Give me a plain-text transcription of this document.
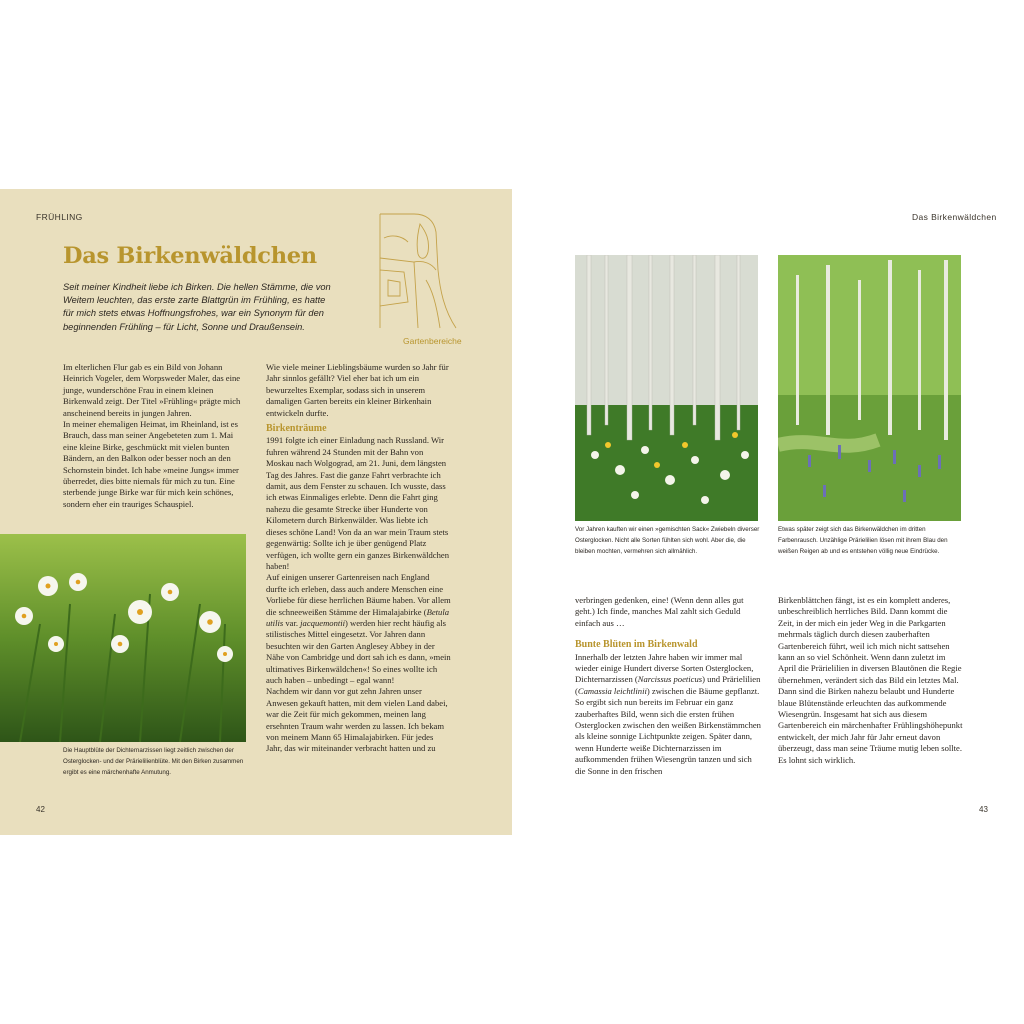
FRÜHLING
Gartenbereiche
Das Birkenwäldchen
Seit meiner Kindheit liebe ich Birken. Die hellen Stämme, die von Weitem leuchten, das erste zarte Blattgrün im Frühling, es hatte für mich stets etwas Hoffnungsfrohes, war ein Synonym für den beginnenden Frühling – für Licht, Sonne und Draußensein.

Im elterlichen Flur gab es ein Bild von Johann Heinrich Vogeler, dem Worpsweder Maler, das eine junge, wunderschöne Frau in einem kleinen Birkenwald zeigt. Der Titel »Frühling« prägte mich anscheinend bereits in jungen Jahren.

In meiner ehemaligen Heimat, im Rheinland, ist es Brauch, dass man seiner Angebeteten zum 1. Mai eine kleine Birke, geschmückt mit vielen bunten Bändern, an den Balkon oder besser noch an den Schornstein bindet. Ich habe »meine Jungs« immer überredet, dies bitte niemals für mich zu tun. Eine sterbende junge Birke war für mich kein schönes, sondern eher ein trauriges Schauspiel.

Wie viele meiner Lieblingsbäume wurden so Jahr für Jahr sinnlos gefällt? Viel eher bat ich um ein bewurzeltes Exemplar, sodass sich in unserem damaligen Garten bereits ein kleiner Birkenhain entwickeln durfte.

Birkenträume

1991 folgte ich einer Einladung nach Russland. Wir fuhren während 24 Stunden mit der Bahn von Moskau nach Wolgograd, am 21. Juni, dem längsten Tag des Jahres. Fast die ganze Fahrt verbrachte ich damit, aus dem Fenster zu schauen. Ich wusste, dass ich etwas Einmaliges erlebte. Denn die Fahrt ging nahezu die gesamte Strecke über Hunderte von Kilometern durch Birkenwälder. Was liebte ich dieses schöne Land! Von da an war mein Traum stets gegenwärtig: Sollte ich je über genügend Platz verfügen, ich wollte gern ein ganzes Birkenwäldchen haben!

Auf einigen unserer Gartenreisen nach England durfte ich erleben, dass auch andere Menschen eine Vorliebe für diese herrlichen Bäume haben. Vor allem die schneeweißen Stämme der Himalajabirke (Betula utilis var. jacquemontii) werden hier recht häufig als stilistisches Mittel eingesetzt. Vor Jahren dann besuchten wir den Garten Anglesey Abbey in der Nähe von Cambridge und dort sah ich es dann, »mein ultimatives Birkenwäldchen«! So eines wollte ich auch haben – unbedingt – egal wann!

Nachdem wir dann vor gut zehn Jahren unser Anwesen gekauft hatten, mit dem vielen Land dabei, war die Zeit für mich gekommen, meinen lang ersehnten Traum wahr werden zu lassen. Ich bekam von meinem Mann 65 Himalajabirken. Für jedes Jahr, das wir miteinander verbracht hatten und zu

Die Hauptblüte der Dichternarzissen liegt zeitlich zwischen der Osterglocken- und der Prärielilienblüte. Mit den Birken zusammen ergibt es eine märchenhafte Anmutung.
42
Das Birkenwäldchen
Vor Jahren kauften wir einen »gemischten Sack« Zwiebeln diverser Osterglocken. Nicht alle Sorten fühlten sich wohl. Aber die, die bleiben mochten, vermehren sich allmählich.
Etwas später zeigt sich das Birkenwäldchen im dritten Farbenrausch. Unzählige Prärielilien lösen mit ihrem Blau den weißen Reigen ab und es entstehen völlig neue Eindrücke.

verbringen gedenken, eine! (Wenn denn alles gut geht.) Ich finde, manches Mal zahlt sich Geduld einfach aus …

Bunte Blüten im Birkenwald

Innerhalb der letzten Jahre haben wir immer mal wieder einige Hundert diverse Sorten Osterglocken, Dichternarzissen (Narcissus poeticus) und Prärielilien (Camassia leichtlinii) zwischen die Bäume gepflanzt. So ergibt sich nun bereits im Februar ein ganz zauberhaftes Bild, wenn sich die ersten frühen Osterglocken zwischen den weißen Birkenstämmchen als kleine sonnige Lichtpunkte zeigen. Später dann, wenn Hunderte weiße Dichternarzissen im aufkommenden frühen Wiesengrün tanzen und sich die Sonne in den frischen

Birkenblättchen fängt, ist es ein komplett anderes, unbeschreiblich herrliches Bild. Dann kommt die Zeit, in der mich ein jeder Weg in die Parkgarten mehrmals täglich durch diesen zauberhaften Gartenbereich führt, weil ich mich nicht sattsehen kann an so viel Schönheit. Wenn dann zuletzt im April die Prärielilien in diversen Blautönen die Regie übernehmen, verändert sich das Bild ein letztes Mal. Dann sind die Birken nahezu belaubt und Hunderte blaue Blütenstände erleuchten das aufkommende Wiesengrün. Insgesamt hat sich aus diesem Gartenbereich ein märchenhafter Frühlingshöhepunkt entwickelt, der mich Jahr für Jahr erneut davon überzeugt, dass man seine Träume mutig leben sollte. Es lohnt sich wirklich.

43
